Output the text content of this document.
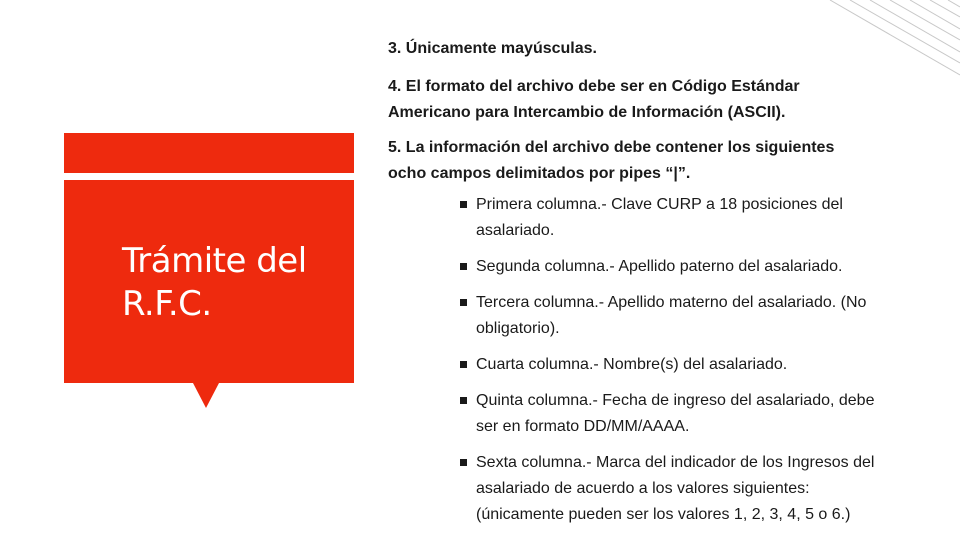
Trámite del
R.F.C.

3. Únicamente mayúsculas.

4. El formato del archivo debe ser en Código Estándar
Americano para Intercambio de Información (ASCII).

5. La información del archivo debe contener los siguientes
ocho campos delimitados por pipes “|”.

Primera columna.- Clave CURP a 18 posiciones del
asalariado.
Segunda columna.- Apellido paterno del asalariado.
Tercera columna.- Apellido materno del asalariado. (No
obligatorio).
Cuarta columna.- Nombre(s) del asalariado.
Quinta columna.- Fecha de ingreso del asalariado, debe
ser en formato DD/MM/AAAA.
Sexta columna.- Marca del indicador de los Ingresos del
asalariado de acuerdo a los valores siguientes:
(únicamente pueden ser los valores 1, 2, 3, 4, 5 o 6.)
